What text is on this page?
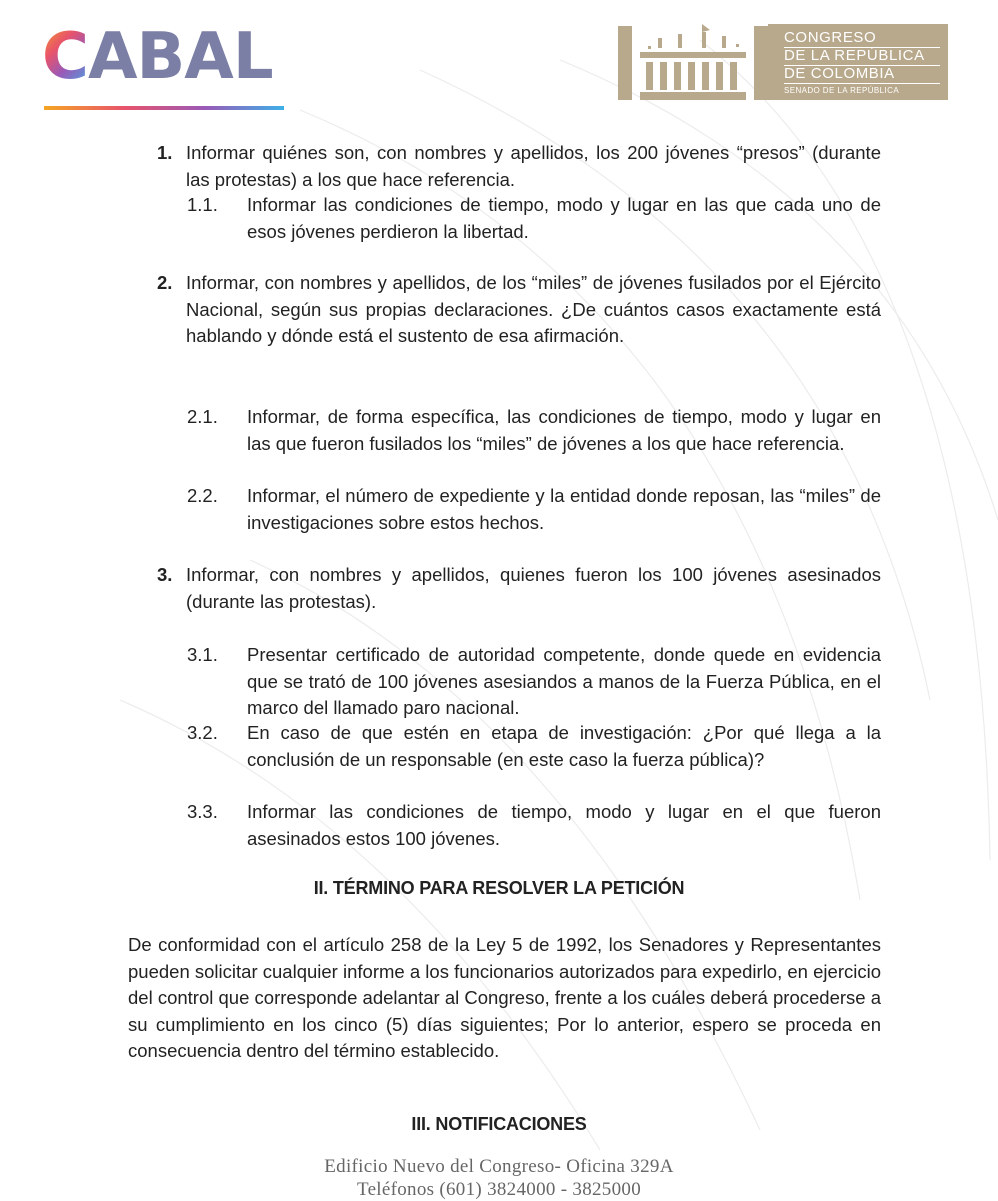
CABAL	CONGRESO
DE LA REPÚBLICA
DE COLOMBIA
SENADO DE LA REPÚBLICA
1. Informar quiénes son, con nombres y apellidos, los 200 jóvenes “presos” (durante las protestas) a los que hace referencia.
1.1. Informar las condiciones de tiempo, modo y lugar en las que cada uno de esos jóvenes perdieron la libertad.
2. Informar, con nombres y apellidos, de los “miles” de jóvenes fusilados por el Ejército Nacional, según sus propias declaraciones. ¿De cuántos casos exactamente está hablando y dónde está el sustento de esa afirmación.
2.1. Informar, de forma específica, las condiciones de tiempo, modo y lugar en las que fueron fusilados los “miles” de jóvenes a los que hace referencia.
2.2. Informar, el número de expediente y la entidad donde reposan, las “miles” de investigaciones sobre estos hechos.
3. Informar, con nombres y apellidos, quienes fueron los 100 jóvenes asesinados (durante las protestas).
3.1. Presentar certificado de autoridad competente, donde quede en evidencia que se trató de 100 jóvenes asesiandos a manos de la Fuerza Pública, en el marco del llamado paro nacional.
3.2. En caso de que estén en etapa de investigación: ¿Por qué llega a la conclusión de un responsable (en este caso la fuerza pública)?
3.3. Informar las condiciones de tiempo, modo y lugar en el que fueron asesinados estos 100 jóvenes.
II. TÉRMINO PARA RESOLVER LA PETICIÓN
De conformidad con el artículo 258 de la Ley 5 de 1992, los Senadores y Representantes pueden solicitar cualquier informe a los funcionarios autorizados para expedirlo, en ejercicio del control que corresponde adelantar al Congreso, frente a los cuáles deberá procederse a su cumplimiento en los cinco (5) días siguientes; Por lo anterior, espero se proceda en consecuencia dentro del término establecido.
III. NOTIFICACIONES
Edificio Nuevo del Congreso- Oficina 329A
Teléfonos (601) 3824000 - 3825000
